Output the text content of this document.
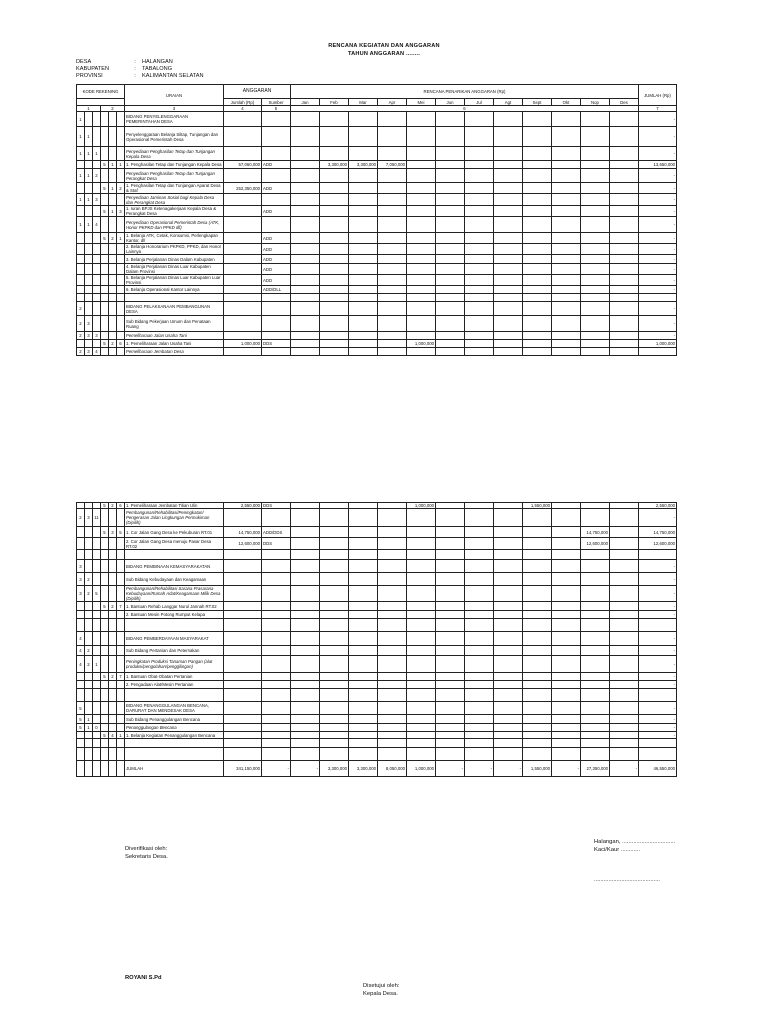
RENCANA KEGIATAN DAN ANGGARAN
TAHUN ANGGARAN ........
DESA	: HALANGAN
KABUPATEN	: TABALONG
PROVINSI	: KALIMANTAN SELATAN
KODE REKENING						URAIAN	ANGGARAN		RENCANA PENARIKAN ANGGARAN (Rp)												JUMLAH (Rp)
							Jumlah (Rp)	Sumber	Jan	Feb	Mar	Apr	Mei	Jun	Jul	Agt	Sept	Okt	Nop	Des	
1			2			3	4	5	6												7
1						BIDANG PENYELENGGARAAN PEMERINTAHAN DESA															-
1	1					Penyelenggaraan Belanja Siltap, Tunjangan dan Operasional Pemerintah Desa															-
1	1	1				Penyediaan Penghasilan Tetap dan Tunjangan Kepala Desa															-
			5	1	1	1. Penghasilan Tetap dan Tunjangan Kepala Desa	57,060,000	ADD		3,300,000	3,300,000	7,050,000									13,650,000
1	1	2				Penyediaan Penghasilan Tetap dan Tunjangan Perangkat Desa															-
			5	1	2	1. Penghasilan Tetap dan Tunjangan Aparat Desa & Staf	252,350,000	ADD													-
1	1	3				Penyediaan Jaminan Sosial bagi Kepala Desa dan Perangkat Desa															-
			5	1	3	1. Iuran BPJS Ketenagakerjaan Kepala Desa & Perangkat Desa		ADD													-
1	1	4				Penyediaan Operasional Pemerintah Desa (ATK, Honor PKPKD dan PPKD dll)															-
			5	2	1	1. Belanja ATK, Cetak, Konsumsi, Perlengkapan Kantor, dll		ADD													-
						2. Belanja Honorarium PKPKD, PPKD, dan Honor Lainnya		ADD													-
						3. Belanja Perjalanan Dinas Dalam Kabupaten		ADD													-
						4. Belanja Perjalanan Dinas Luar Kabupaten Dalam Provinsi		ADD													-
						5. Belanja Perjalanan Dinas Luar Kabupaten Luar Provinsi		ADD													-
						6. Belanja Operasional Kantor Lainnya		ADD/DLL													-

2						BIDANG PELAKSANAAN PEMBANGUNAN DESA															-
2	3					Sub Bidang Pekerjaan Umum dan Penataan Ruang															-
2	3	3				Pemeliharaan Jalan Usaha Tani															-
			5	2	6	1. Pemeliharaan Jalan Usaha Tani	1,000,000	DDS					1,000,000								1,000,000
2	3	4				Pemeliharaan Jembatan Desa															
			5	2	6	1. Pemeliharaan Jembatan Titian Ulin	2,550,000	DDS					1,000,000				1,550,000				2,550,000
2	3	11				Pembangunan/Rehabilitasi/Peningkatan/ Pengerasan Jalan Lingkungan Permukiman (Dipilih)															-
			5	3	5	1. Cor Jalan Gang Desa ke Pekuburan RT.01	14,750,000	ADD/DDS											14,750,000		14,750,000
						2. Cor Jalan Gang Desa menuju Pasar Desa RT.02	12,600,000	DDS											12,600,000		12,600,000

3						BIDANG PEMBINAAN KEMASYARAKATAN															-
3	2					Sub Bidang Kebudayaan dan Keagamaan															-
3	2	5				Pembangunan/Rehabilitasi Sarana Prasarana Kebudayaan/Rumah Adat/Keagamaan Milik Desa (Dipilih)															-
			5	2	7	1. Bantuan Rehab Langgar Nurul Jannah RT.02															-
						2. Bantuan Mesin Potong Rumput Kelapa															-

4						BIDANG PEMBERDAYAAN MASYARAKAT															-
4	2					Sub Bidang Pertanian dan Peternakan															-
4	2	1				Peningkatan Produksi Tanaman Pangan (alat produksi/pengolahan/penggilingan)															-
			5	2	7	1. Bantuan Obat-Obatan Pertanian															-
						2. Pengadaan Alat/Mesin Pertanian															-

5						BIDANG PENANGGULANGAN BENCANA, DARURAT DAN MENDESAK DESA															-
5	1					Sub Bidang Penanggulangan Bencana															-
5	1	0				Penanggulangan Bencana															-
			5	4	1	1. Belanja Kegiatan Penanggulangan Bencana															-

						JUMLAH	341,150,000	-	-	3,300,000	3,300,000	8,050,000	1,000,000	-	-	-	1,550,000	-	27,350,000	-	46,550,000
Halangan, .................................
Kaci/Kaur ............
.........................................
Diverifikasi oleh:
Sekretaris Desa.
ROYANI S.Pd
Disetujui oleh:
Kepala Desa.
